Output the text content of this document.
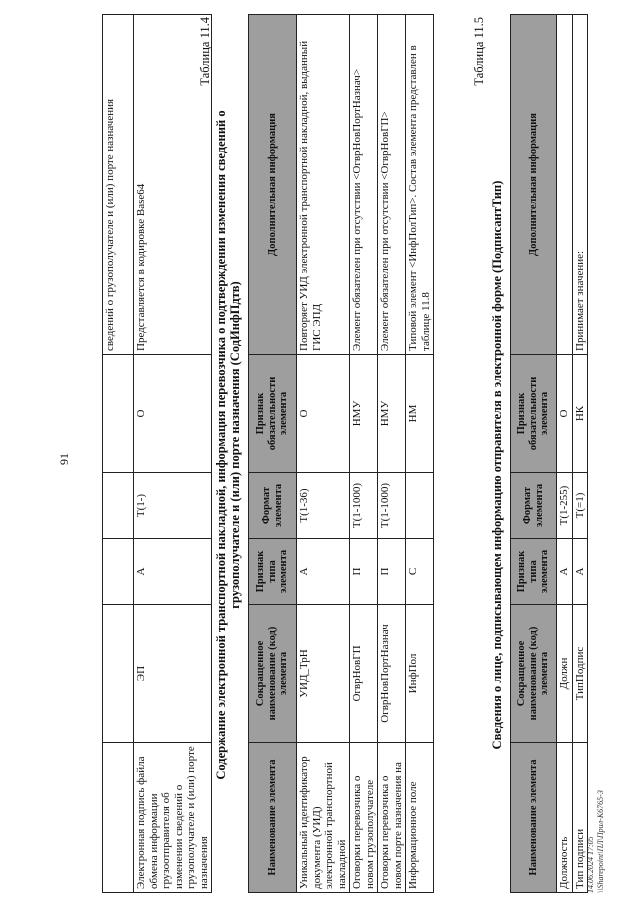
91
					сведений о грузополучателе и (или) порте назначения
Электронная подпись файла обмена информации грузоотправителя об изменении сведений о грузополучателе и (или) порте назначения	ЭП	А	Т(1-)	О	Представляется в кодировке Base64
Таблица 11.4
Содержание электронной транспортной накладной, информация перевозчика о подтверждении изменения сведений о грузополучателе и (или) порте назначения (СодИнфПдтв)
Наименование элемента	Сокращенное наименование (код) элемента	Признак типа элемента	Формат элемента	Признак обязательности элемента	Дополнительная информация
Уникальный идентификатор документа (УИД) электронной транспортной накладной	УИД_ТрН	А	Т(1-36)	О	Повторяет УИД электронной транспортной накладной, выданный ГИС ЭПД
Оговорки перевозчика о новом грузополучателе	ОгврНовГП	П	Т(1-1000)	НМУ	Элемент обязателен при отсутствии <ОгврНовПортНазнач>
Оговорки перевозчика о новом порте назначения на	ОгврНовПортНазнач	П	Т(1-1000)	НМУ	Элемент обязателен при отсутствии <ОгврНовГП>
Информационное поле	ИнфПол	С		НМ	Типовой элемент <ИнфПолТип>. Состав элемента представлен в таблице 11.8
Таблица 11.5
Сведения о лице, подписывающем информацию отправителя в электронной форме (ПодписантТип)
Наименование элемента	Сокращенное наименование (код) элемента	Признак типа элемента	Формат элемента	Признак обязательности элемента	Дополнительная информация
Должность	Должн	А	Т(1-255)	О	
Тип подписи	ТипПодпис	А	Т(=1)	НК	Принимает значение:
14.06.2024 17:05 \\Sharepoint\ПЛ\Прил-K6765-3
